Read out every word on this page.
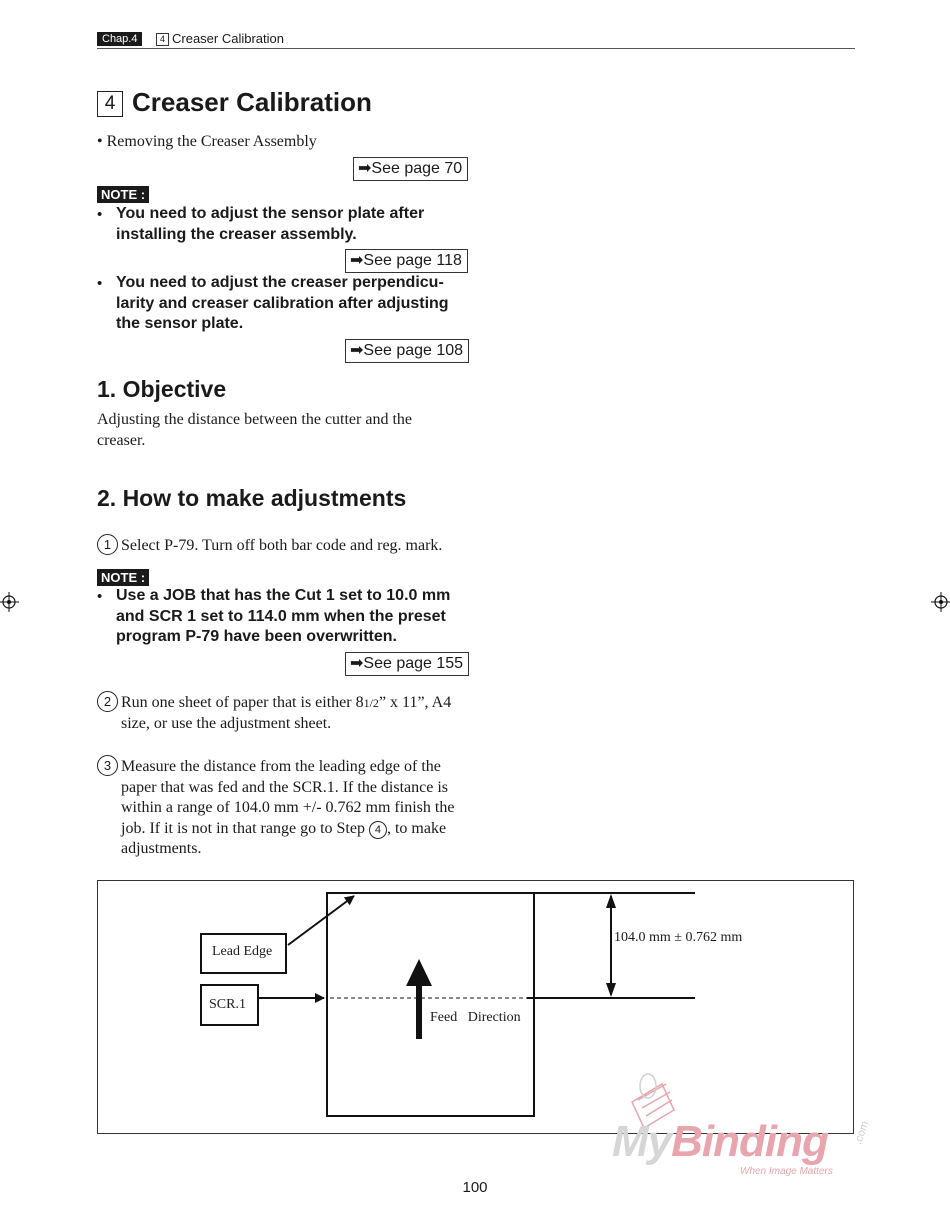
Chap.4	4 Creaser Calibration
4 Creaser Calibration
• Removing the Creaser Assembly
➡See page 70
NOTE :
• You need to adjust the sensor plate after
installing the creaser assembly.
➡See page 118
• You need to adjust the creaser perpendicu-
larity and creaser calibration after adjusting
the sensor plate.
➡See page 108
1. Objective
Adjusting the distance between the cutter and the
creaser.
2. How to make adjustments
1 Select P-79. Turn off both bar code and reg. mark.
NOTE :
• Use a JOB that has the Cut 1 set to 10.0 mm
and SCR 1 set to 114.0 mm when the preset
program P-79 have been overwritten.
➡See page 155
2 Run one sheet of paper that is either 81/2” x 11”, A4
size, or use the adjustment sheet.
3 Measure the distance from the leading edge of the
paper that was fed and the SCR.1. If the distance is
within a range of 104.0 mm +/- 0.762 mm finish the
job. If it is not in that range go to Step 4 , to make
adjustments.
Lead Edge
SCR.1
Feed   Direction
104.0 mm ± 0.762 mm
MyBinding .com
When Image Matters
100
